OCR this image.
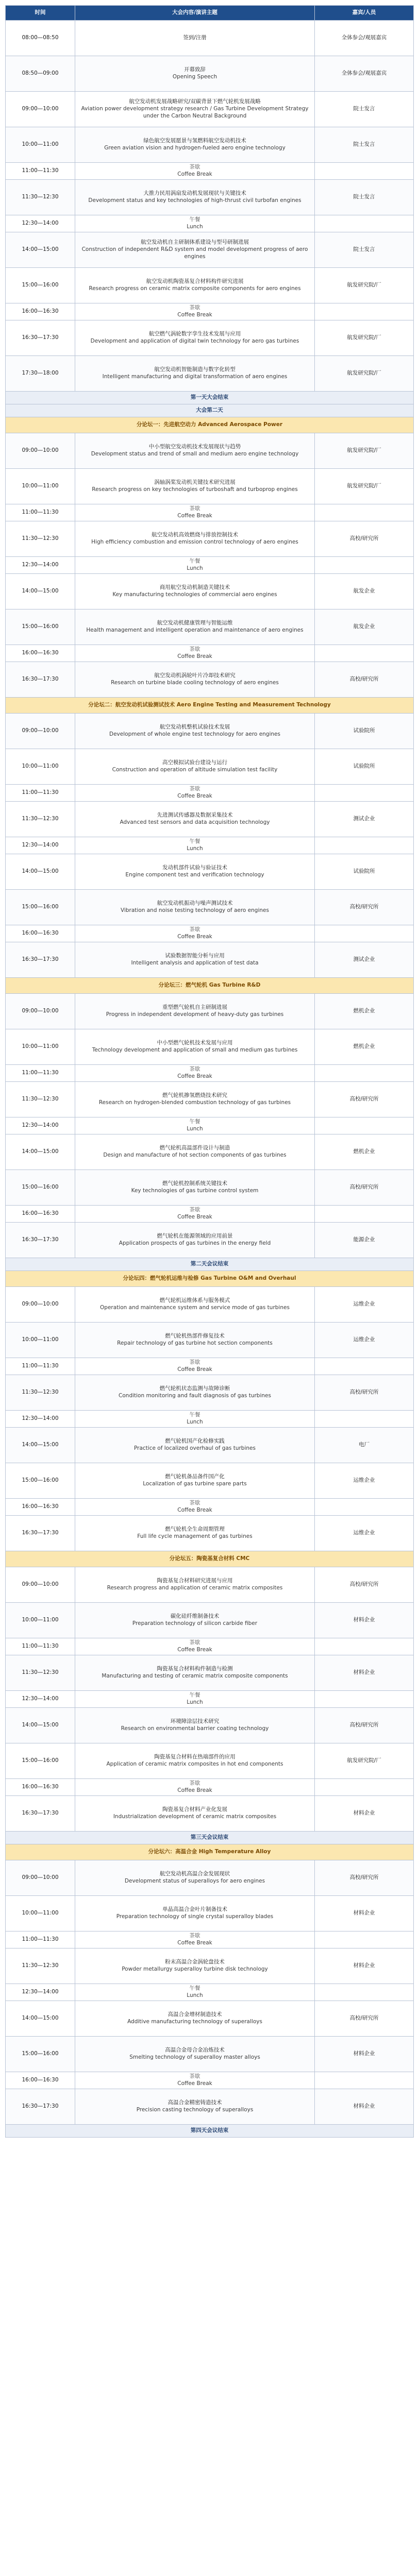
时间	大会内容/演讲主题	嘉宾/人员
08:00—08:50	签到/注册	全体参会/观展嘉宾
08:50—09:00	开幕致辞
Opening Speech	全体参会/观展嘉宾
09:00—10:00	航空发动机发展战略研究/双碳背景下燃气轮机发展战略
Aviation power development strategy research / Gas Turbine Development Strategy under the Carbon Neutral Background	院士发言
10:00—11:00	绿色航空发展愿景与氢燃料航空发动机技术
Green aviation vision and hydrogen-fueled aero engine technology	院士发言
11:00—11:30	茶歇
Coffee Break	

11:30—12:30	大推力民用涡扇发动机发展现状与关键技术
Development status and key technologies of high-thrust civil turbofan engines	院士发言
12:30—14:00	午餐
Lunch	

14:00—15:00	航空发动机自主研制体系建设与型号研制进展
Construction of independent R&D system and model development progress of aero engines	院士发言
15:00—16:00	航空发动机陶瓷基复合材料构件研究进展
Research progress on ceramic matrix composite components for aero engines	航发研究院/厂
16:00—16:30	茶歇
Coffee Break	

16:30—17:30	航空燃气涡轮数字孪生技术发展与应用
Development and application of digital twin technology for aero gas turbines	航发研究院/厂
17:30—18:00	航空发动机智能制造与数字化转型
Intelligent manufacturing and digital transformation of aero engines	航发研究院/厂
第一天大会结束		
大会第二天		
分论坛一：先进航空动力 Advanced Aerospace Power		
09:00—10:00	中小型航空发动机技术发展现状与趋势
Development status and trend of small and medium aero engine technology	航发研究院/厂
10:00—11:00	涡轴涡桨发动机关键技术研究进展
Research progress on key technologies of turboshaft and turboprop engines	航发研究院/厂
11:00—11:30	茶歇
Coffee Break	

11:30—12:30	航空发动机高效燃烧与排放控制技术
High efficiency combustion and emission control technology of aero engines	高校/研究所
12:30—14:00	午餐
Lunch	

14:00—15:00	商用航空发动机制造关键技术
Key manufacturing technologies of commercial aero engines	航发企业
15:00—16:00	航空发动机健康管理与智能运维
Health management and intelligent operation and maintenance of aero engines	航发企业
16:00—16:30	茶歇
Coffee Break	

16:30—17:30	航空发动机涡轮叶片冷却技术研究
Research on turbine blade cooling technology of aero engines	高校/研究所
分论坛二：航空发动机试验测试技术 Aero Engine Testing and Measurement Technology		
09:00—10:00	航空发动机整机试验技术发展
Development of whole engine test technology for aero engines	试验院所
10:00—11:00	高空模拟试验台建设与运行
Construction and operation of altitude simulation test facility	试验院所
11:00—11:30	茶歇
Coffee Break	

11:30—12:30	先进测试传感器及数据采集技术
Advanced test sensors and data acquisition technology	测试企业
12:30—14:00	午餐
Lunch	

14:00—15:00	发动机部件试验与验证技术
Engine component test and verification technology	试验院所
15:00—16:00	航空发动机振动与噪声测试技术
Vibration and noise testing technology of aero engines	高校/研究所
16:00—16:30	茶歇
Coffee Break	

16:30—17:30	试验数据智能分析与应用
Intelligent analysis and application of test data	测试企业
分论坛三：燃气轮机 Gas Turbine R&D		
09:00—10:00	重型燃气轮机自主研制进展
Progress in independent development of heavy-duty gas turbines	燃机企业
10:00—11:00	中小型燃气轮机技术发展与应用
Technology development and application of small and medium gas turbines	燃机企业
11:00—11:30	茶歇
Coffee Break	

11:30—12:30	燃气轮机掺氢燃烧技术研究
Research on hydrogen-blended combustion technology of gas turbines	高校/研究所
12:30—14:00	午餐
Lunch	

14:00—15:00	燃气轮机高温部件设计与制造
Design and manufacture of hot section components of gas turbines	燃机企业
15:00—16:00	燃气轮机控制系统关键技术
Key technologies of gas turbine control system	高校/研究所
16:00—16:30	茶歇
Coffee Break	

16:30—17:30	燃气轮机在能源领域的应用前景
Application prospects of gas turbines in the energy field	能源企业
第二天会议结束		
分论坛四：燃气轮机运维与检修 Gas Turbine O&M and Overhaul		
09:00—10:00	燃气轮机运维体系与服务模式
Operation and maintenance system and service mode of gas turbines	运维企业
10:00—11:00	燃气轮机热部件修复技术
Repair technology of gas turbine hot section components	运维企业
11:00—11:30	茶歇
Coffee Break	

11:30—12:30	燃气轮机状态监测与故障诊断
Condition monitoring and fault diagnosis of gas turbines	高校/研究所
12:30—14:00	午餐
Lunch	

14:00—15:00	燃气轮机国产化检修实践
Practice of localized overhaul of gas turbines	电厂
15:00—16:00	燃气轮机备品备件国产化
Localization of gas turbine spare parts	运维企业
16:00—16:30	茶歇
Coffee Break	

16:30—17:30	燃气轮机全生命周期管理
Full life cycle management of gas turbines	运维企业
分论坛五：陶瓷基复合材料 CMC		
09:00—10:00	陶瓷基复合材料研究进展与应用
Research progress and application of ceramic matrix composites	高校/研究所
10:00—11:00	碳化硅纤维制备技术
Preparation technology of silicon carbide fiber	材料企业
11:00—11:30	茶歇
Coffee Break	

11:30—12:30	陶瓷基复合材料构件制造与检测
Manufacturing and testing of ceramic matrix composite components	材料企业
12:30—14:00	午餐
Lunch	

14:00—15:00	环境障涂层技术研究
Research on environmental barrier coating technology	高校/研究所
15:00—16:00	陶瓷基复合材料在热端部件的应用
Application of ceramic matrix composites in hot end components	航发研究院/厂
16:00—16:30	茶歇
Coffee Break	

16:30—17:30	陶瓷基复合材料产业化发展
Industrialization development of ceramic matrix composites	材料企业
第三天会议结束		
分论坛六：高温合金 High Temperature Alloy		
09:00—10:00	航空发动机高温合金发展现状
Development status of superalloys for aero engines	高校/研究所
10:00—11:00	单晶高温合金叶片制备技术
Preparation technology of single crystal superalloy blades	材料企业
11:00—11:30	茶歇
Coffee Break	

11:30—12:30	粉末高温合金涡轮盘技术
Powder metallurgy superalloy turbine disk technology	材料企业
12:30—14:00	午餐
Lunch	

14:00—15:00	高温合金增材制造技术
Additive manufacturing technology of superalloys	高校/研究所
15:00—16:00	高温合金母合金冶炼技术
Smelting technology of superalloy master alloys	材料企业
16:00—16:30	茶歇
Coffee Break	

16:30—17:30	高温合金精密铸造技术
Precision casting technology of superalloys	材料企业
第四天会议结束		
